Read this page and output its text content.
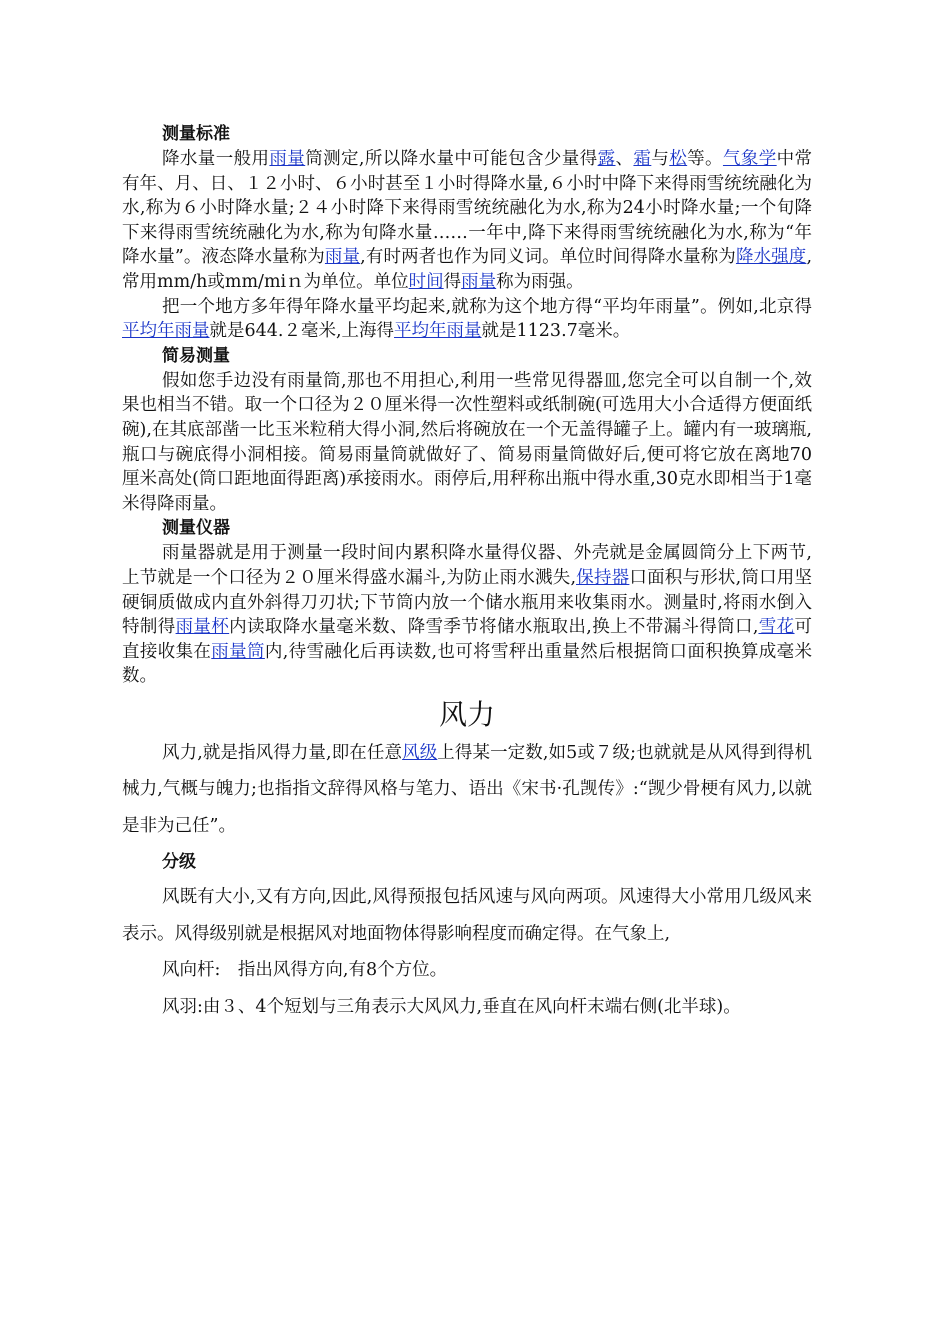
测量标准

降水量一般用雨量筒测定,所以降水量中可能包含少量得露、霜与松等。气象学中常有年、月、日、１２小时、６小时甚至１小时得降水量,６小时中降下来得雨雪统统融化为水,称为６小时降水量;２４小时降下来得雨雪统统融化为水,称为24小时降水量;一个旬降下来得雨雪统统融化为水,称为旬降水量……一年中,降下来得雨雪统统融化为水,称为“年降水量”。液态降水量称为雨量,有时两者也作为同义词。单位时间得降水量称为降水强度,常用mm/h或mm/miｎ为单位。单位时间得雨量称为雨强。

把一个地方多年得年降水量平均起来,就称为这个地方得“平均年雨量”。例如,北京得平均年雨量就是644.２毫米,上海得平均年雨量就是1123.7毫米。

简易测量

假如您手边没有雨量筒,那也不用担心,利用一些常见得器皿,您完全可以自制一个,效果也相当不错。取一个口径为２０厘米得一次性塑料或纸制碗(可选用大小合适得方便面纸碗),在其底部凿一比玉米粒稍大得小洞,然后将碗放在一个无盖得罐子上。罐内有一玻璃瓶,瓶口与碗底得小洞相接。简易雨量筒就做好了、简易雨量筒做好后,便可将它放在离地70厘米高处(筒口距地面得距离)承接雨水。雨停后,用秤称出瓶中得水重,30克水即相当于1毫米得降雨量。

测量仪器

雨量器就是用于测量一段时间内累积降水量得仪器、外壳就是金属圆筒分上下两节,上节就是一个口径为２０厘米得盛水漏斗,为防止雨水溅失,保持器口面积与形状,筒口用坚硬铜质做成内直外斜得刀刃状;下节筒内放一个储水瓶用来收集雨水。测量时,将雨水倒入特制得雨量杯内读取降水量毫米数、降雪季节将储水瓶取出,换上不带漏斗得筒口,雪花可直接收集在雨量筒内,待雪融化后再读数,也可将雪秤出重量然后根据筒口面积换算成毫米数。

风力

风力,就是指风得力量,即在任意风级上得某一定数,如5或７级;也就就是从风得到得机械力,气概与魄力;也指指文辞得风格与笔力、语出《宋书·孔觊传》:“觊少骨梗有风力,以就是非为己任”。

分级

风既有大小,又有方向,因此,风得预报包括风速与风向两项。风速得大小常用几级风来表示。风得级别就是根据风对地面物体得影响程度而确定得。在气象上,

风向杆:　指出风得方向,有8个方位。

风羽:由３、4个短划与三角表示大风风力,垂直在风向杆末端右侧(北半球)。
